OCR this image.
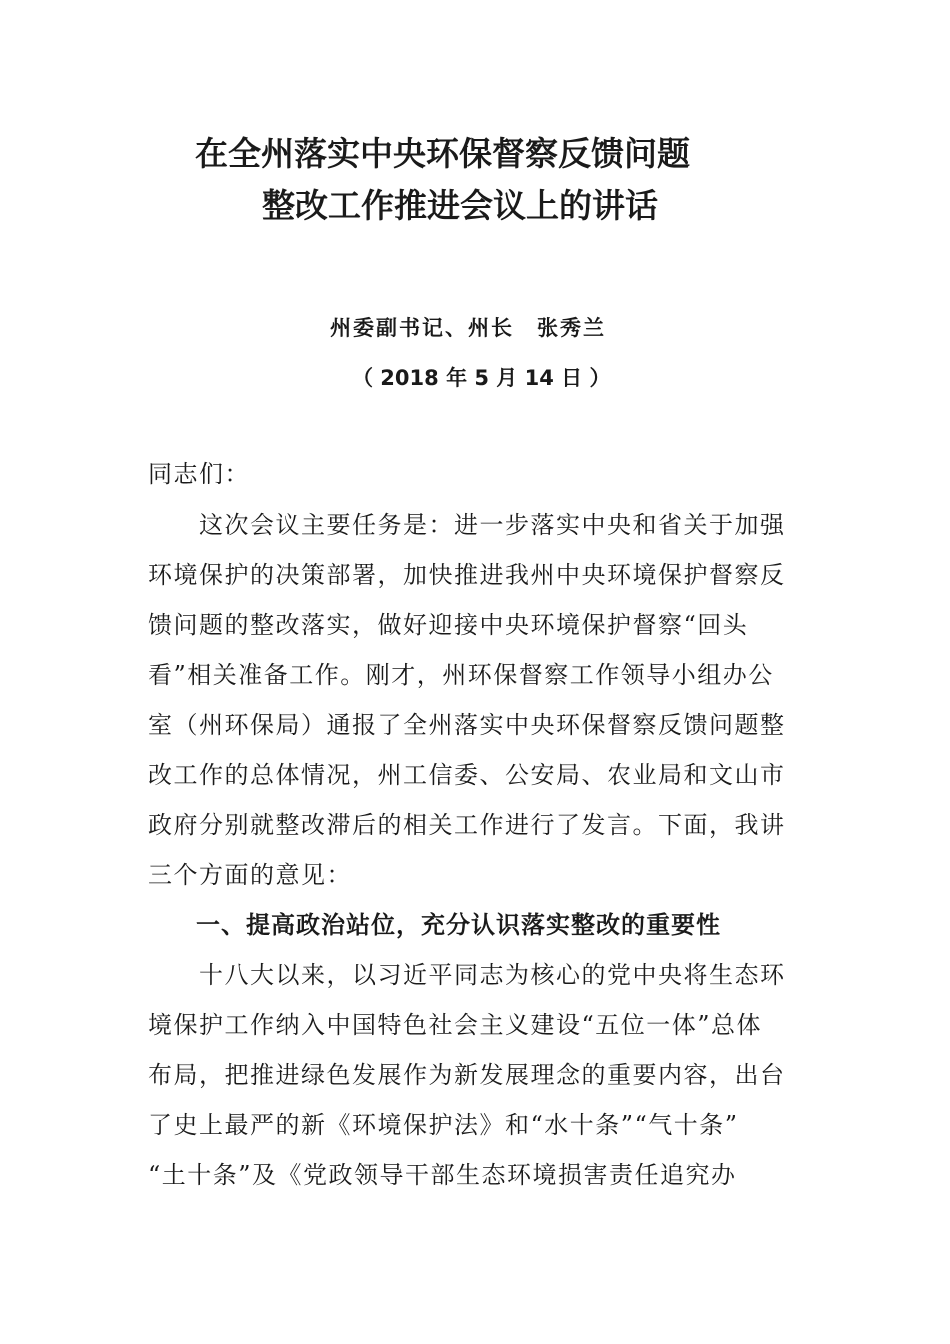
在全州落实中央环保督察反馈问题
整改工作推进会议上的讲话
州委副书记、州长　张秀兰
（ 2018 年 5 月 14 日 ）
同志们：
　　这次会议主要任务是：进一步落实中央和省关于加强
环境保护的决策部署，加快推进我州中央环境保护督察反
馈问题的整改落实，做好迎接中央环境保护督察“回头
看”相关准备工作。刚才，州环保督察工作领导小组办公
室（州环保局）通报了全州落实中央环保督察反馈问题整
改工作的总体情况，州工信委、公安局、农业局和文山市
政府分别就整改滞后的相关工作进行了发言。下面，我讲
三个方面的意见：
一、提高政治站位，充分认识落实整改的重要性
　　十八大以来，以习近平同志为核心的党中央将生态环
境保护工作纳入中国特色社会主义建设“五位一体”总体
布局，把推进绿色发展作为新发展理念的重要内容，出台
了史上最严的新《环境保护法》和“水十条”“气十条”
“土十条”及《党政领导干部生态环境损害责任追究办
